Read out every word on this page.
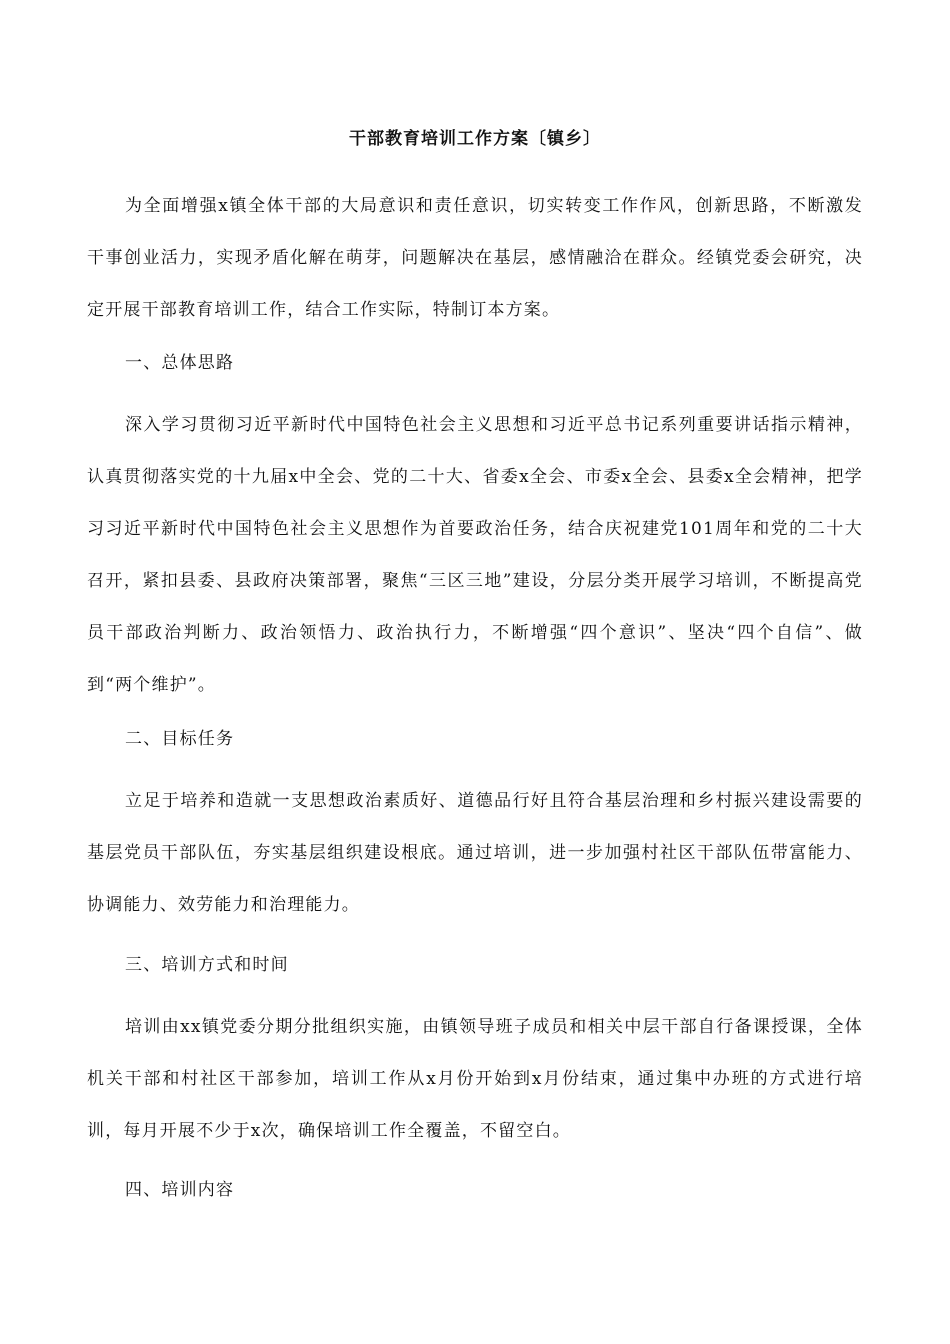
干部教育培训工作方案〔镇乡〕

为全面增强x镇全体干部的大局意识和责任意识，切实转变工作作风，创新思路，不断激发干事创业活力，实现矛盾化解在萌芽，问题解决在基层，感情融洽在群众。经镇党委会研究，决定开展干部教育培训工作，结合工作实际，特制订本方案。

一、总体思路

深入学习贯彻习近平新时代中国特色社会主义思想和习近平总书记系列重要讲话指示精神，认真贯彻落实党的十九届x中全会、党的二十大、省委x全会、市委x全会、县委x全会精神，把学习习近平新时代中国特色社会主义思想作为首要政治任务，结合庆祝建党101周年和党的二十大召开，紧扣县委、县政府决策部署，聚焦“三区三地”建设，分层分类开展学习培训，不断提高党员干部政治判断力、政治领悟力、政治执行力，不断增强“四个意识”、坚决“四个自信”、做到“两个维护”。

二、目标任务

立足于培养和造就一支思想政治素质好、道德品行好且符合基层治理和乡村振兴建设需要的基层党员干部队伍，夯实基层组织建设根底。通过培训，进一步加强村社区干部队伍带富能力、协调能力、效劳能力和治理能力。

三、培训方式和时间

培训由xx镇党委分期分批组织实施，由镇领导班子成员和相关中层干部自行备课授课，全体机关干部和村社区干部参加，培训工作从x月份开始到x月份结束，通过集中办班的方式进行培训，每月开展不少于x次，确保培训工作全覆盖，不留空白。

四、培训内容
